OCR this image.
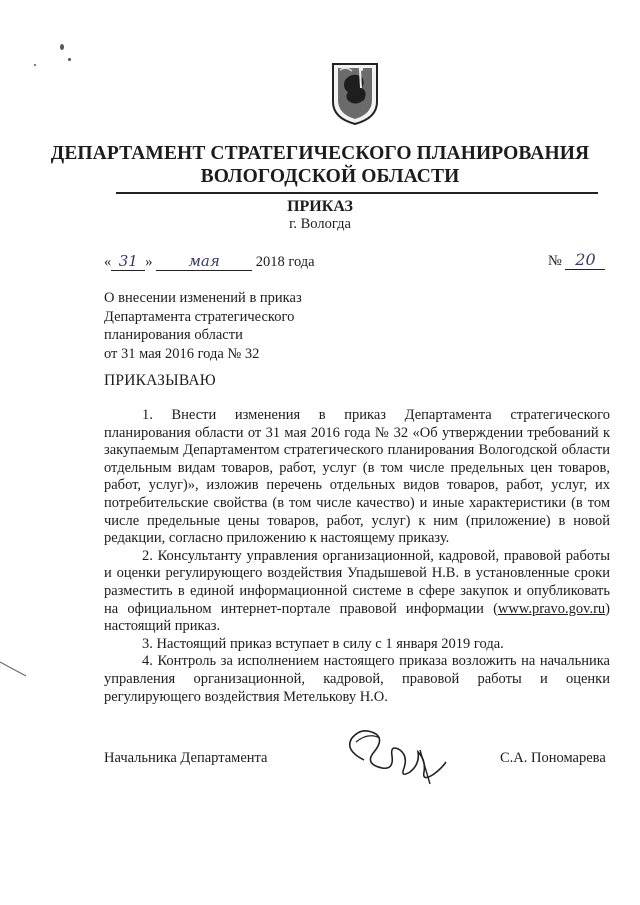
ДЕПАРТАМЕНТ СТРАТЕГИЧЕСКОГО ПЛАНИРОВАНИЯ
ВОЛОГОДСКОЙ ОБЛАСТИ
ПРИКАЗ
г. Вологда
« 31 » мая 2018 года	№ 20
О внесении изменений в приказ
Департамента стратегического
планирования области
от 31 мая 2016 года № 32
ПРИКАЗЫВАЮ

1. Внести изменения в приказ Департамента стратегического планирования области от 31 мая 2016 года № 32 «Об утверждении требований к закупаемым Департаментом стратегического планирования Вологодской области отдельным видам товаров, работ, услуг (в том числе предельных цен товаров, работ, услуг)», изложив перечень отдельных видов товаров, работ, услуг, их потребительские свойства (в том числе качество) и иные характеристики (в том числе предельные цены товаров, работ, услуг) к ним (приложение) в новой редакции, согласно приложению к настоящему приказу.

2. Консультанту управления организационной, кадровой, правовой работы и оценки регулирующего воздействия Упадышевой Н.В. в установленные сроки разместить в единой информационной системе в сфере закупок и опубликовать на официальном интернет-портале правовой информации (www.pravo.gov.ru) настоящий приказ.

3. Настоящий приказ вступает в силу с 1 января 2019 года.

4. Контроль за исполнением настоящего приказа возложить на начальника управления организационной, кадровой, правовой работы и оценки регулирующего воздействия Метелькову Н.О.

Начальника Департамента	С.А. Пономарева
